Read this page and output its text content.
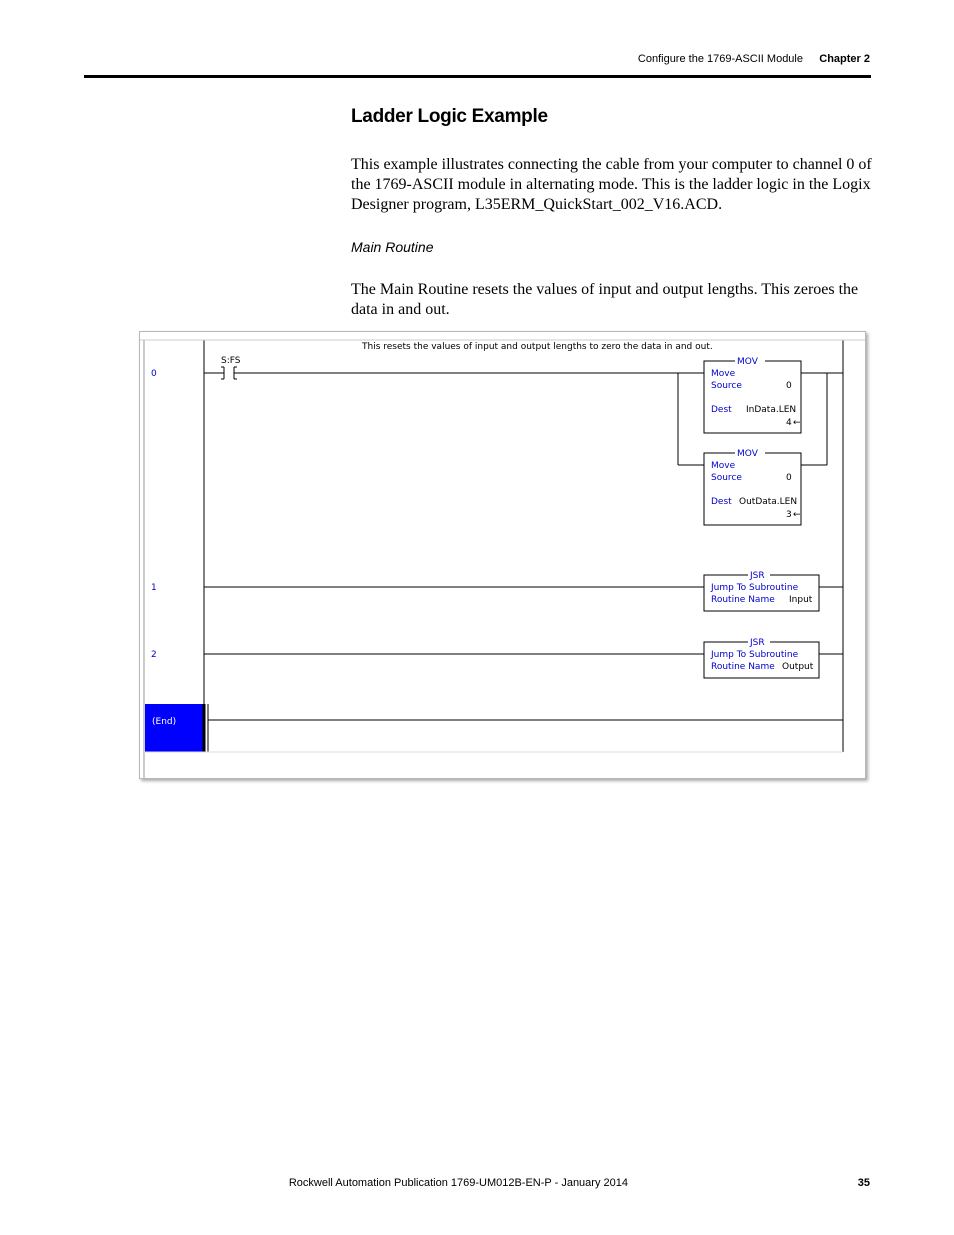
Configure the 1769-ASCII Module Chapter 2
Ladder Logic Example
This example illustrates connecting the cable from your computer to channel 0 of the 1769-ASCII module in alternating mode. This is the ladder logic in the Logix Designer program, L35ERM_QuickStart_002_V16.ACD.
Main Routine
The Main Routine resets the values of input and output lengths. This zeroes the data in and out.
This resets the values of input and output lengths to zero the data in and out.
0
S:FS	MOV
Move
Source	0
Dest InData.LEN
4 ←
MOV
Move
Source	0
Dest OutData.LEN
3 ←
1
JSR
Jump To Subroutine
Routine Name Input
2
JSR
Jump To Subroutine
Routine Name Output
(End)
Rockwell Automation Publication 1769-UM012B-EN-P - January 2014	35
